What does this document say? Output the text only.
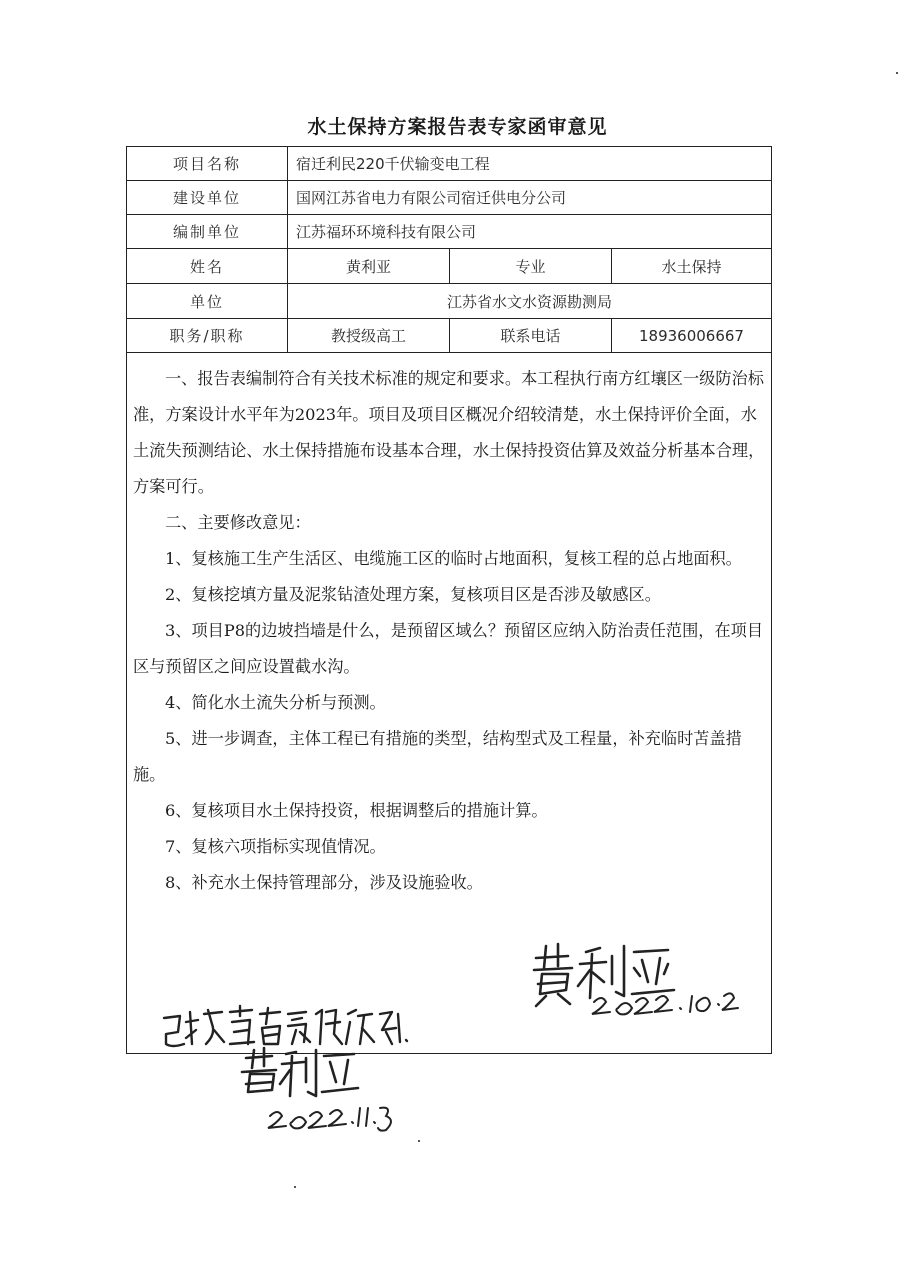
水土保持方案报告表专家函审意见
项目名称	宿迁利民220千伏输变电工程
建设单位	国网江苏省电力有限公司宿迁供电分公司
编制单位	江苏福环环境科技有限公司
姓名	黄利亚	专业	水土保持
单位	江苏省水文水资源勘测局
职务/职称	教授级高工	联系电话	18936006667

一、报告表编制符合有关技术标准的规定和要求。本工程执行南方红壤区一级防治标准，方案设计水平年为2023年。项目及项目区概况介绍较清楚，水土保持评价全面，水土流失预测结论、水土保持措施布设基本合理，水土保持投资估算及效益分析基本合理，方案可行。

二、主要修改意见：

1、复核施工生产生活区、电缆施工区的临时占地面积，复核工程的总占地面积。

2、复核挖填方量及泥浆钻渣处理方案，复核项目区是否涉及敏感区。

3、项目P8的边坡挡墙是什么，是预留区域么？预留区应纳入防治责任范围，在项目区与预留区之间应设置截水沟。

4、简化水土流失分析与预测。

5、进一步调查，主体工程已有措施的类型，结构型式及工程量，补充临时苫盖措施。

6、复核项目水土保持投资，根据调整后的措施计算。

7、复核六项指标实现值情况。

8、补充水土保持管理部分，涉及设施验收。
